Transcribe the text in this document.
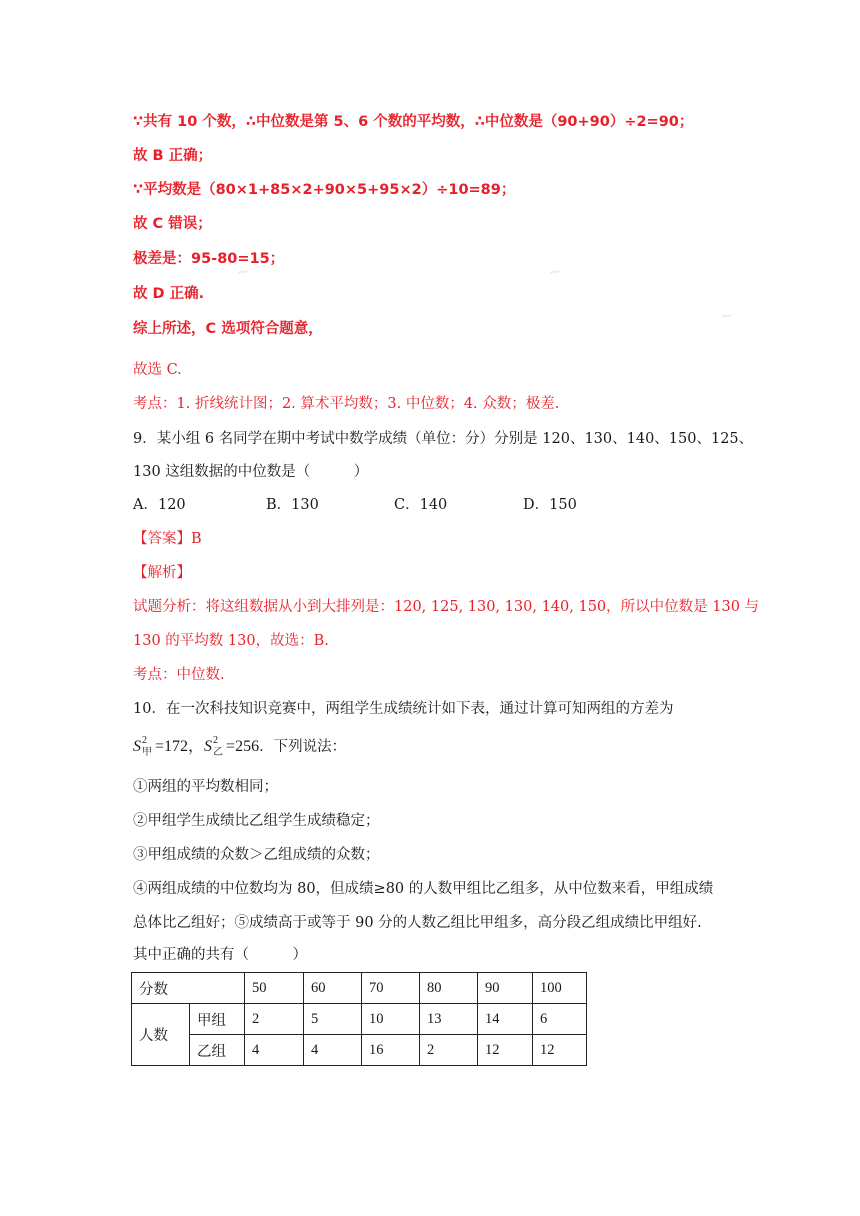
~	~
~
∵共有 10 个数，∴中位数是第 5、6 个数的平均数，∴中位数是（90+90）÷2=90；
故 B 正确；
∵平均数是（80×1+85×2+90×5+95×2）÷10=89；
故 C 错误；
极差是：95-80=15；
故 D 正确.
综上所述，C 选项符合题意，
故选 C.
考点：1. 折线统计图；2. 算术平均数；3. 中位数；4. 众数；极差.
9．某小组 6 名同学在期中考试中数学成绩（单位：分）分别是 120、130、140、150、125、
130 这组数据的中位数是（　　　）
A．120	B．130	C．140	D．150
【答案】B
【解析】
试题分析：将这组数据从小到大排列是：120, 125, 130, 130, 140, 150，所以中位数是 130 与
130 的平均数 130，故选：B.
考点：中位数.
10．在一次科技知识竞赛中，两组学生成绩统计如下表，通过计算可知两组的方差为
S 2
甲 =172，S 2
乙 =256．下列说法：
①两组的平均数相同；
②甲组学生成绩比乙组学生成绩稳定；
③甲组成绩的众数＞乙组成绩的众数；
④两组成绩的中位数均为 80，但成绩≥80 的人数甲组比乙组多，从中位数来看，甲组成绩
总体比乙组好；⑤成绩高于或等于 90 分的人数乙组比甲组多，高分段乙组成绩比甲组好.
其中正确的共有（　　　）
分数		50	60	70	80	90	100
人数	甲组	2	5	10	13	14	6
	乙组	4	4	16	2	12	12
